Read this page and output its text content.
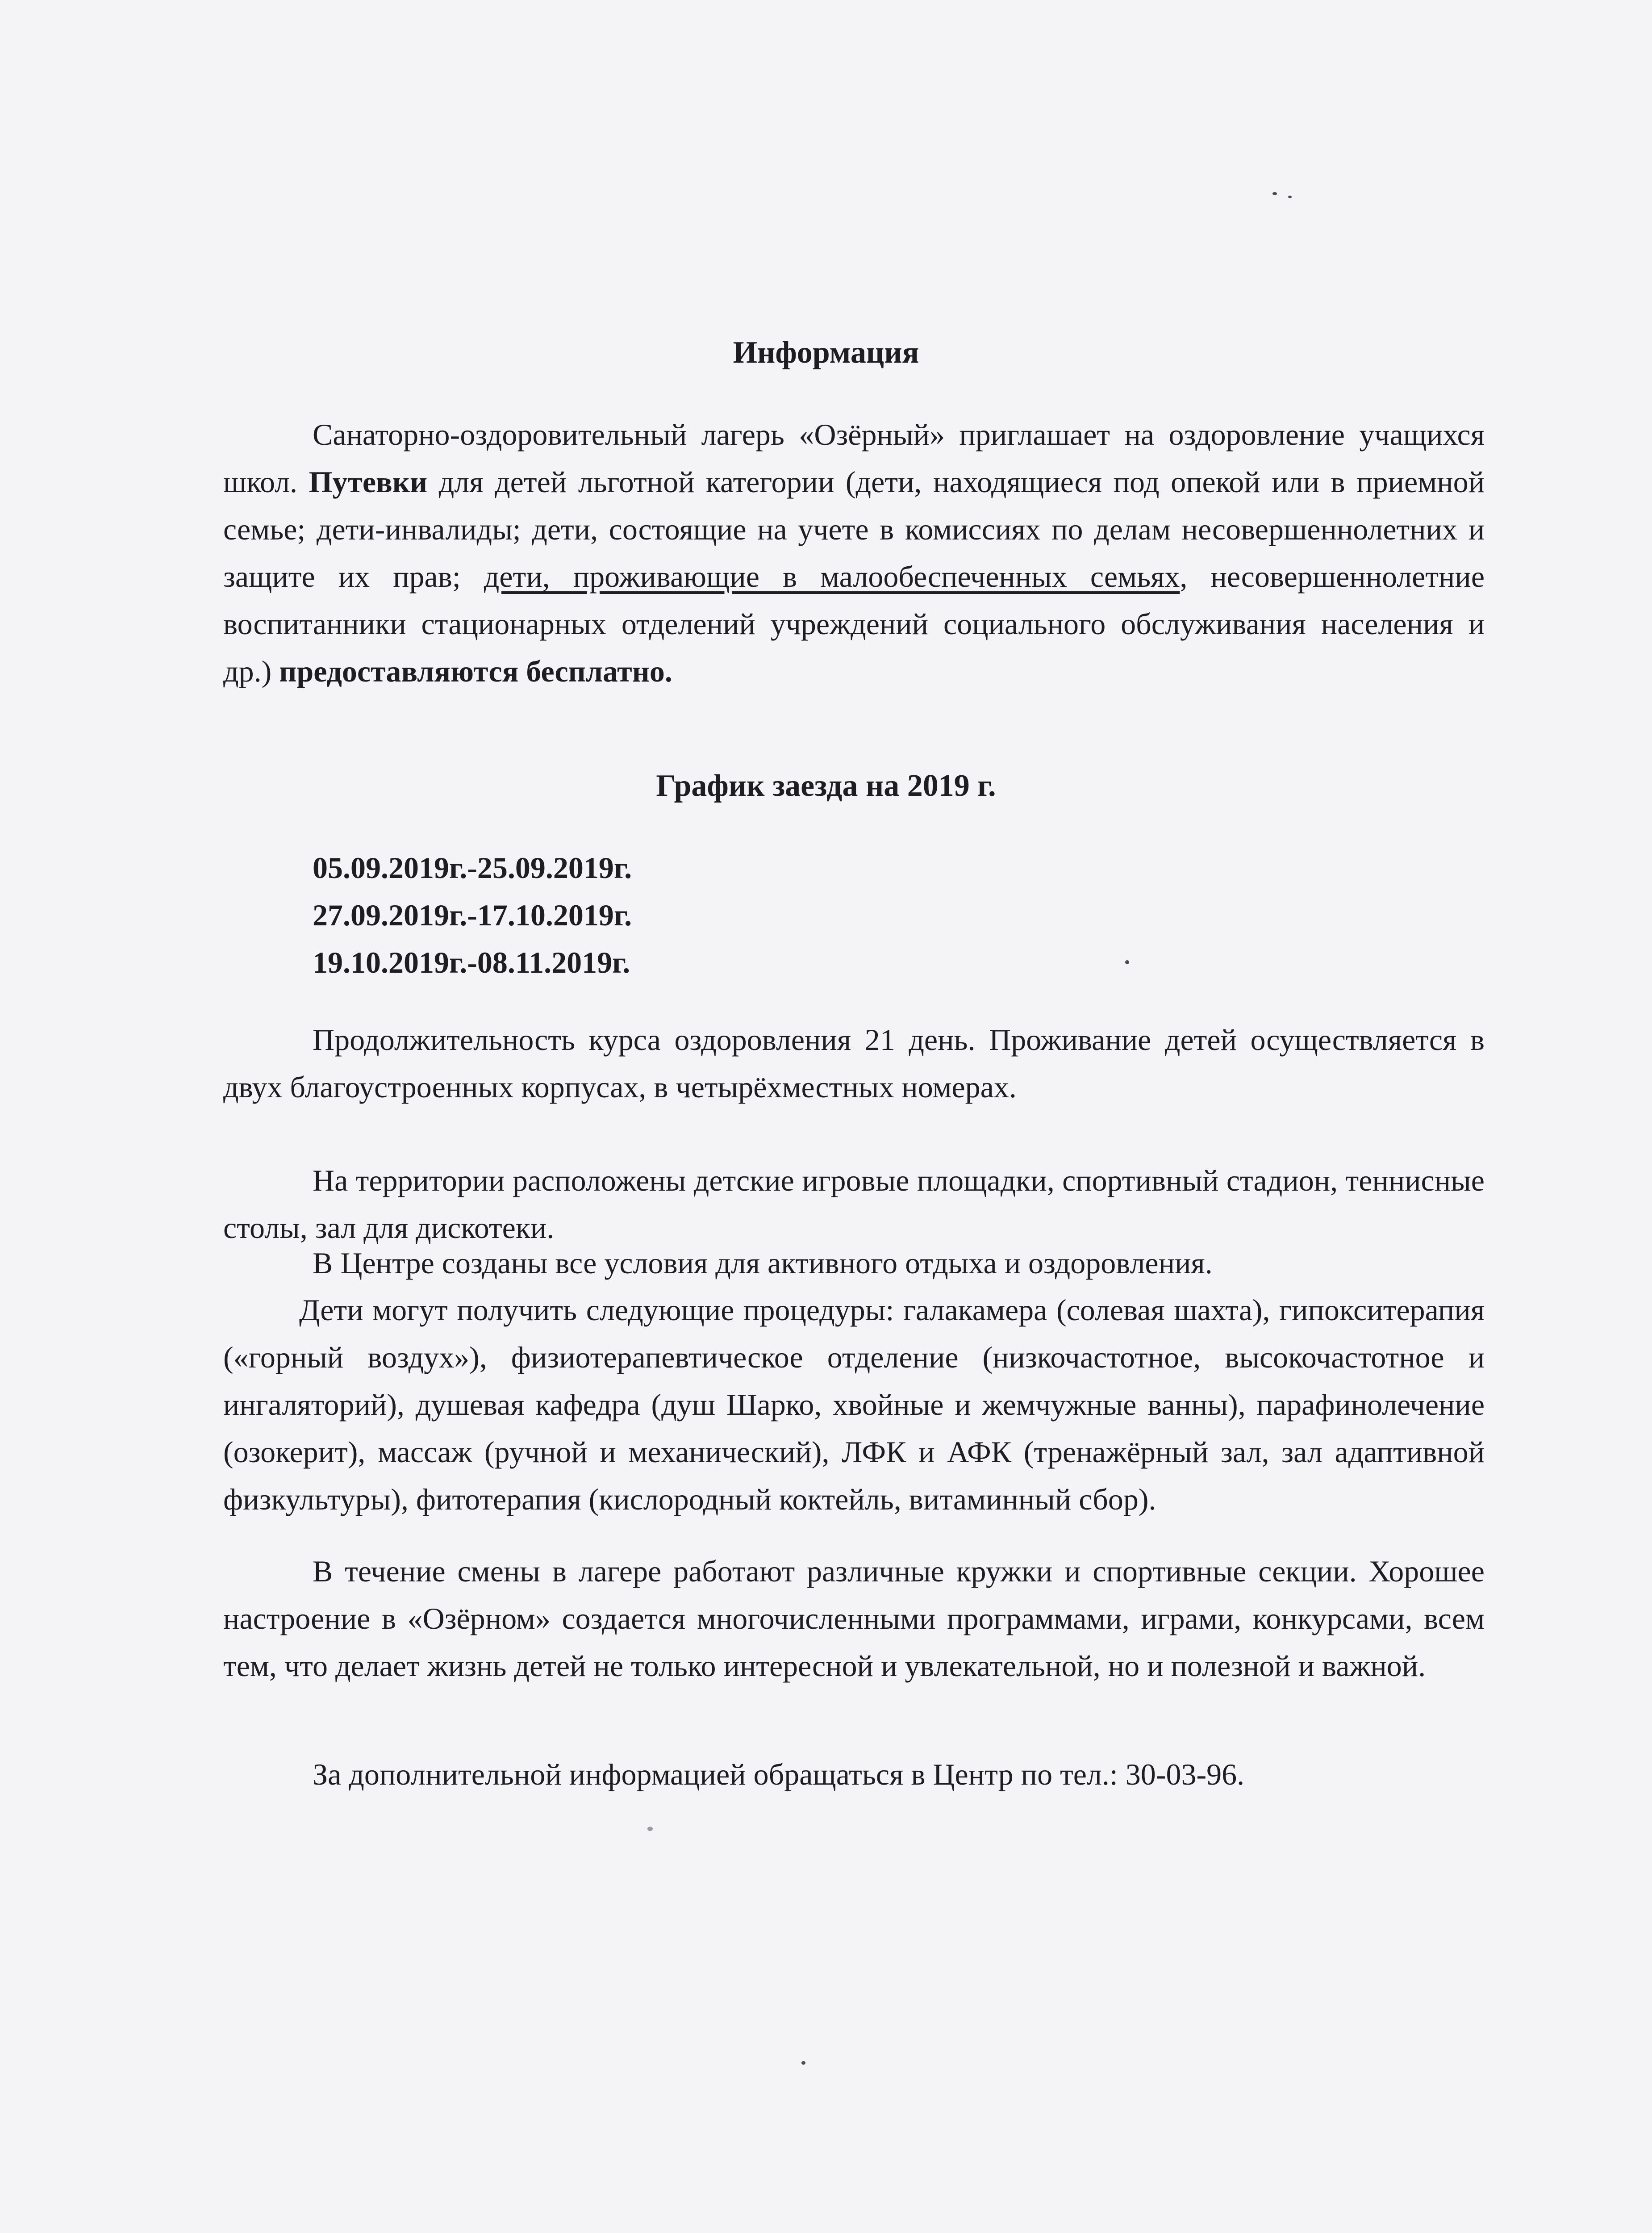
Информация

Санаторно-оздоровительный лагерь «Озёрный» приглашает на оздоровление учащихся школ. Путевки для детей льготной категории (дети, находящиеся под опекой или в приемной семье; дети-инвалиды; дети, состоящие на учете в комиссиях по делам несовершеннолетних и защите их прав; дети, проживающие в малообеспеченных семьях, несовершеннолетние воспитанники стационарных отделений учреждений социального обслуживания населения и др.) предоставляются бесплатно.

График заезда на 2019 г.
05.09.2019г.-25.09.2019г.
27.09.2019г.-17.10.2019г.
19.10.2019г.-08.11.2019г.

Продолжительность курса оздоровления 21 день. Проживание детей осуществляется в двух благоустроенных корпусах, в четырёхместных номерах.

На территории расположены детские игровые площадки, спортивный стадион, теннисные столы, зал для дискотеки.

В Центре созданы все условия для активного отдыха и оздоровления.

Дети могут получить следующие процедуры: галакамера (солевая шахта), гипокситерапия («горный воздух»), физиотерапевтическое отделение (низкочастотное, высокочастотное и ингаляторий), душевая кафедра (душ Шарко, хвойные и жемчужные ванны), парафинолечение (озокерит), массаж (ручной и механический), ЛФК и АФК (тренажёрный зал, зал адаптивной физкультуры), фитотерапия (кислородный коктейль, витаминный сбор).

В течение смены в лагере работают различные кружки и спортивные секции. Хорошее настроение в «Озёрном» создается многочисленными программами, играми, конкурсами, всем тем, что делает жизнь детей не только интересной и увлекательной, но и полезной и важной.

За дополнительной информацией обращаться в Центр по тел.: 30-03-96.
